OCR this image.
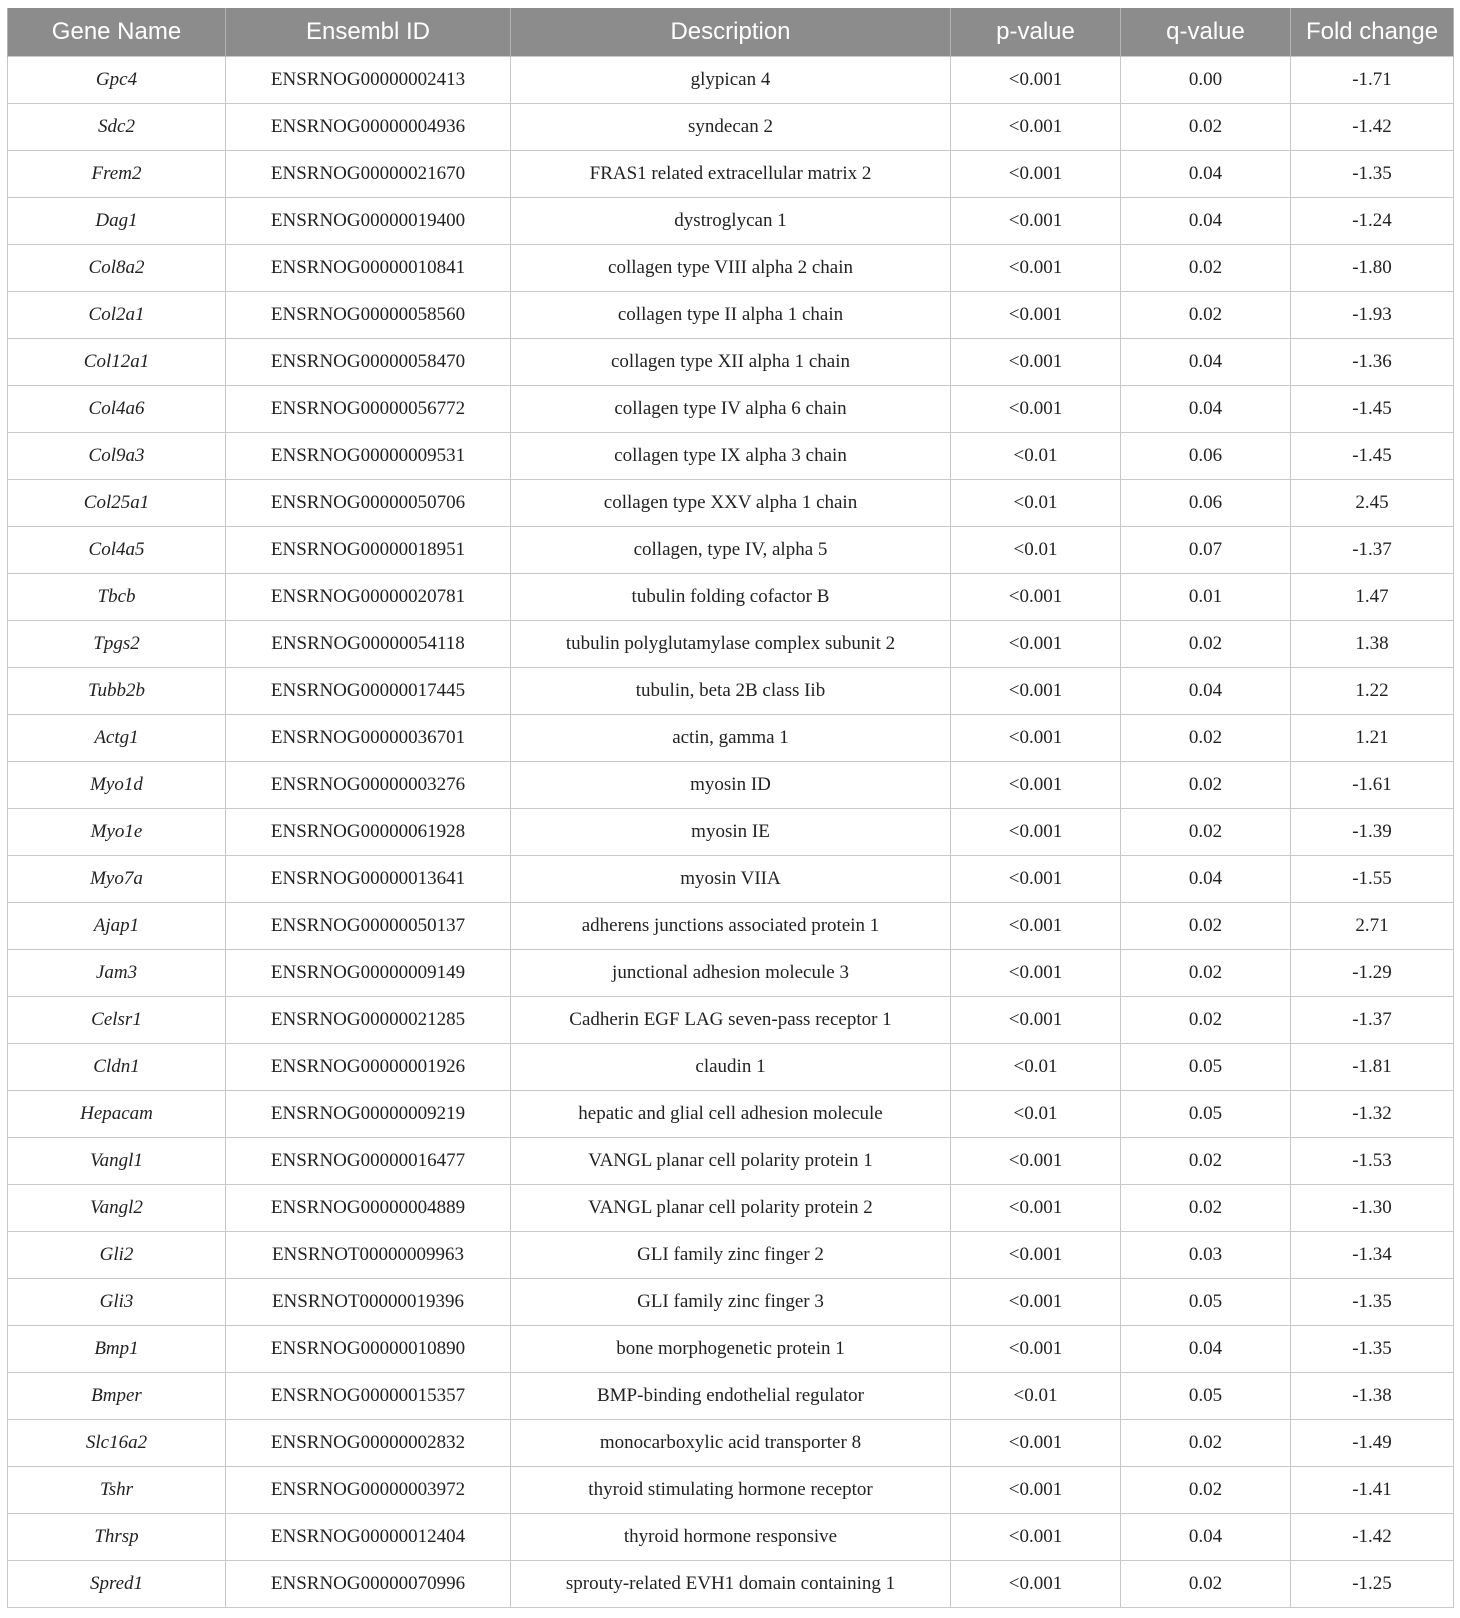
Gene Name	Ensembl ID	Description	p-value	q-value	Fold change
Gpc4	ENSRNOG00000002413	glypican 4	<0.001	0.00	-1.71
Sdc2	ENSRNOG00000004936	syndecan 2	<0.001	0.02	-1.42
Frem2	ENSRNOG00000021670	FRAS1 related extracellular matrix 2	<0.001	0.04	-1.35
Dag1	ENSRNOG00000019400	dystroglycan 1	<0.001	0.04	-1.24
Col8a2	ENSRNOG00000010841	collagen type VIII alpha 2 chain	<0.001	0.02	-1.80
Col2a1	ENSRNOG00000058560	collagen type II alpha 1 chain	<0.001	0.02	-1.93
Col12a1	ENSRNOG00000058470	collagen type XII alpha 1 chain	<0.001	0.04	-1.36
Col4a6	ENSRNOG00000056772	collagen type IV alpha 6 chain	<0.001	0.04	-1.45
Col9a3	ENSRNOG00000009531	collagen type IX alpha 3 chain	<0.01	0.06	-1.45
Col25a1	ENSRNOG00000050706	collagen type XXV alpha 1 chain	<0.01	0.06	2.45
Col4a5	ENSRNOG00000018951	collagen, type IV, alpha 5	<0.01	0.07	-1.37
Tbcb	ENSRNOG00000020781	tubulin folding cofactor B	<0.001	0.01	1.47
Tpgs2	ENSRNOG00000054118	tubulin polyglutamylase complex subunit 2	<0.001	0.02	1.38
Tubb2b	ENSRNOG00000017445	tubulin, beta 2B class Iib	<0.001	0.04	1.22
Actg1	ENSRNOG00000036701	actin, gamma 1	<0.001	0.02	1.21
Myo1d	ENSRNOG00000003276	myosin ID	<0.001	0.02	-1.61
Myo1e	ENSRNOG00000061928	myosin IE	<0.001	0.02	-1.39
Myo7a	ENSRNOG00000013641	myosin VIIA	<0.001	0.04	-1.55
Ajap1	ENSRNOG00000050137	adherens junctions associated protein 1	<0.001	0.02	2.71
Jam3	ENSRNOG00000009149	junctional adhesion molecule 3	<0.001	0.02	-1.29
Celsr1	ENSRNOG00000021285	Cadherin EGF LAG seven-pass receptor 1	<0.001	0.02	-1.37
Cldn1	ENSRNOG00000001926	claudin 1	<0.01	0.05	-1.81
Hepacam	ENSRNOG00000009219	hepatic and glial cell adhesion molecule	<0.01	0.05	-1.32
Vangl1	ENSRNOG00000016477	VANGL planar cell polarity protein 1	<0.001	0.02	-1.53
Vangl2	ENSRNOG00000004889	VANGL planar cell polarity protein 2	<0.001	0.02	-1.30
Gli2	ENSRNOT00000009963	GLI family zinc finger 2	<0.001	0.03	-1.34
Gli3	ENSRNOT00000019396	GLI family zinc finger 3	<0.001	0.05	-1.35
Bmp1	ENSRNOG00000010890	bone morphogenetic protein 1	<0.001	0.04	-1.35
Bmper	ENSRNOG00000015357	BMP-binding endothelial regulator	<0.01	0.05	-1.38
Slc16a2	ENSRNOG00000002832	monocarboxylic acid transporter 8	<0.001	0.02	-1.49
Tshr	ENSRNOG00000003972	thyroid stimulating hormone receptor	<0.001	0.02	-1.41
Thrsp	ENSRNOG00000012404	thyroid hormone responsive	<0.001	0.04	-1.42
Spred1	ENSRNOG00000070996	sprouty-related EVH1 domain containing 1	<0.001	0.02	-1.25
